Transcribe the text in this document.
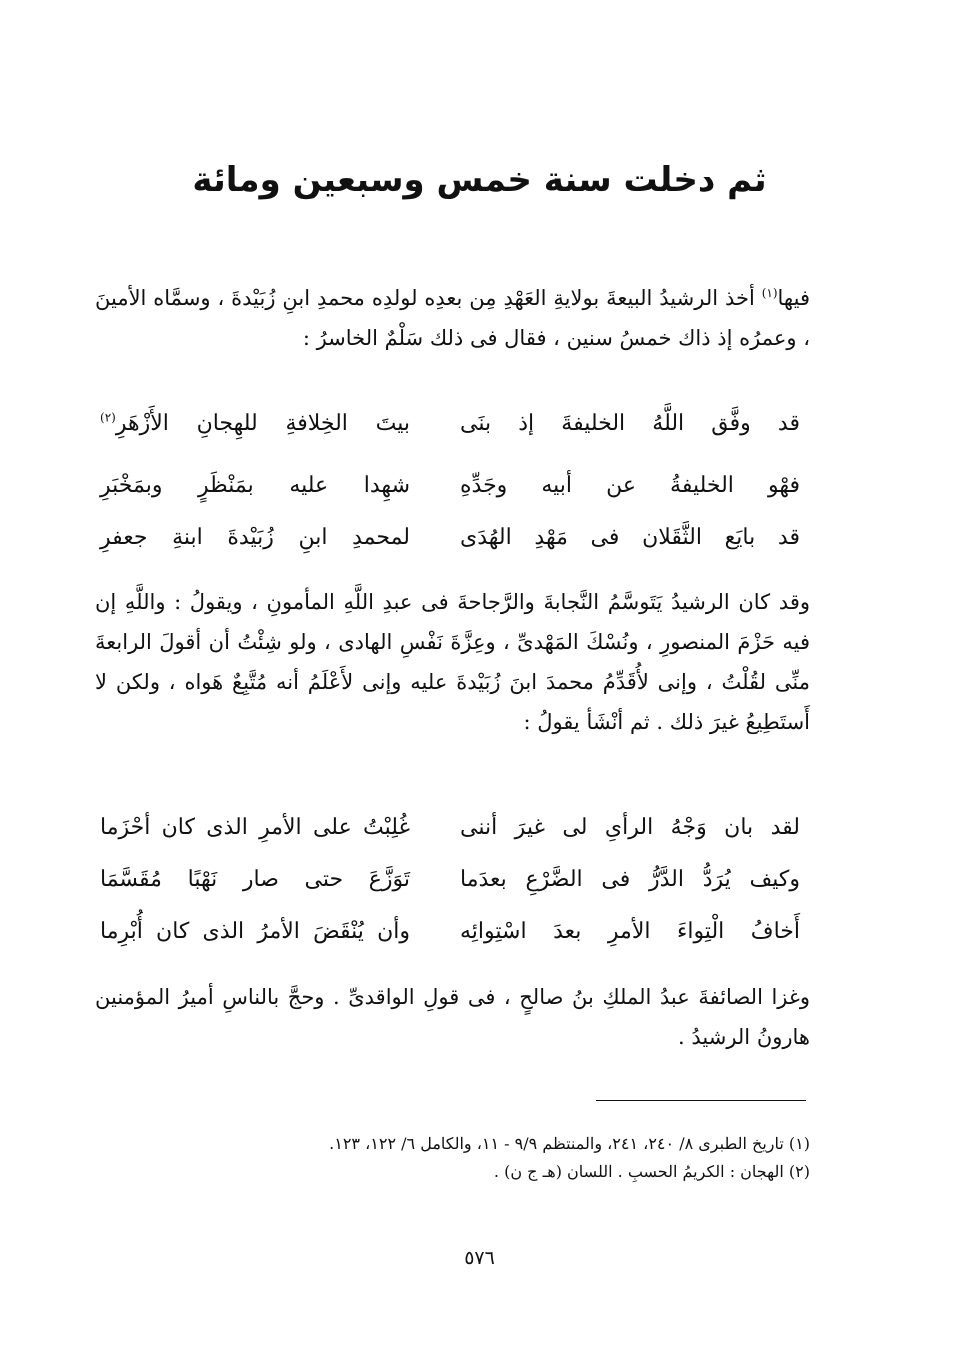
ثم دخلت سنة خمس وسبعين ومائة

فيها$^{(١)}$ أخذ الرشيدُ البيعةَ بولايةِ العَهْدِ مِن بعدِه لولدِه محمدِ ابنِ زُبَيْدةَ ، وسمَّاه الأمينَ ، وعمرُه إذ ذاك خمسُ سنين ، فقال فى ذلك سَلْمٌ الخاسرُ :

قد وفَّق اللَّهُ الخليفةَ إذ بنَى
بيتَ الخِلافةِ للهِجانِ الأَزْهَرِ$^{(٢)}$
فهْو الخليفةُ عن أبيه وجَدِّهِ
شهِدا عليه بمَنْظَرٍ وبمَخْبَرِ
قد بايَع الثَّقَلان فى مَهْدِ الهُدَى
لمحمدِ ابنِ زُبَيْدةَ ابنةِ جعفرِ

وقد كان الرشيدُ يَتَوسَّمُ النَّجابةَ والرَّجاحةَ فى عبدِ اللَّهِ المأمونِ ، ويقولُ : واللَّهِ إن فيه حَزْمَ المنصورِ ، ونُسْكَ المَهْدىِّ ، وعِزَّةَ نَفْسِ الهادى ، ولو شِئْتُ أن أقولَ الرابعةَ منِّى لقُلْتُ ، وإنى لأُقَدِّمُ محمدَ ابنَ زُبَيْدةَ عليه وإنى لأَعْلَمُ أنه مُتَّبِعٌ هَواه ، ولكن لا أَستَطِيعُ غيرَ ذلك . ثم أنْشَأ يقولُ :

لقد بان وَجْهُ الرأىِ لى غيرَ أننى
غُلِبْتُ على الأمرِ الذى كان أحْزَما
وكيف يُرَدُّ الدَّرُّ فى الضَّرْعِ بعدَما
تَوَزَّعَ حتى صار نَهْبًا مُقَسَّمَا
أَخافُ الْتِواءَ الأمرِ بعدَ اسْتِوائِه
وأن يُنْقَضَ الأمرُ الذى كان أُبْرِما

وغزا الصائفةَ عبدُ الملكِ بنُ صالحٍ ، فى قولِ الواقدىِّ . وحجَّ بالناسِ أميرُ المؤمنين هارونُ الرشيدُ .

(١) تاريخ الطبرى ٨/ ٢٤٠، ٢٤١، والمنتظم ٩/٩ - ١١، والكامل ٦/ ١٢٢، ١٢٣.
(٢) الهجان : الكريمُ الحسبِ . اللسان (هـ ج ن) .
٥٧٦
